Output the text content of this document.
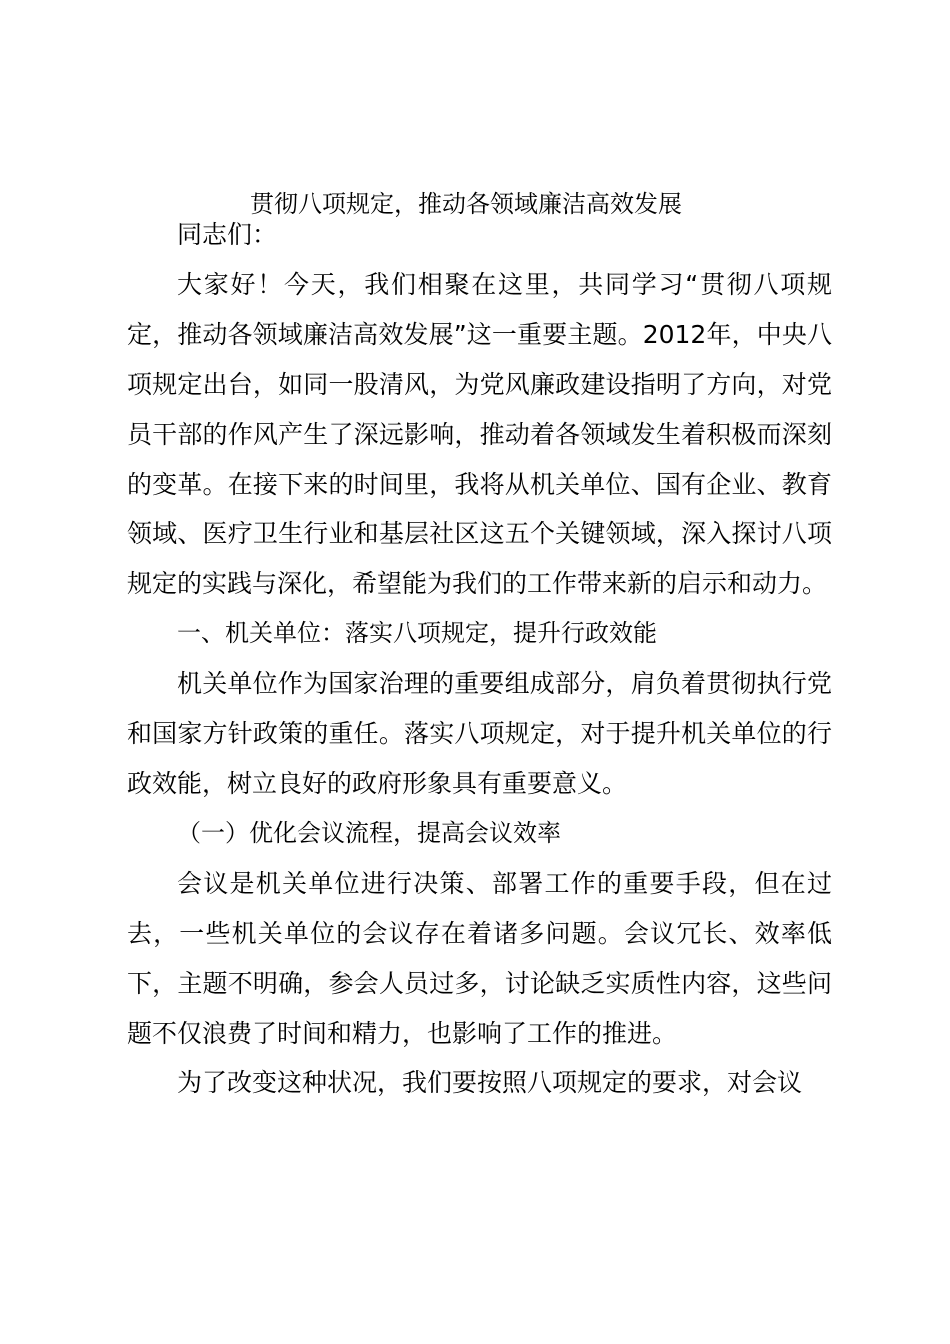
贯彻八项规定，推动各领域廉洁高效发展

同志们：

大家好！今天，我们相聚在这里，共同学习“贯彻八项规定，推动各领域廉洁高效发展”这一重要主题。2012年，中央八项规定出台，如同一股清风，为党风廉政建设指明了方向，对党员干部的作风产生了深远影响，推动着各领域发生着积极而深刻的变革。在接下来的时间里，我将从机关单位、国有企业、教育领域、医疗卫生行业和基层社区这五个关键领域，深入探讨八项规定的实践与深化，希望能为我们的工作带来新的启示和动力。

一、机关单位：落实八项规定，提升行政效能

机关单位作为国家治理的重要组成部分，肩负着贯彻执行党和国家方针政策的重任。落实八项规定，对于提升机关单位的行政效能，树立良好的政府形象具有重要意义。

（一）优化会议流程，提高会议效率

会议是机关单位进行决策、部署工作的重要手段，但在过去，一些机关单位的会议存在着诸多问题。会议冗长、效率低下，主题不明确，参会人员过多，讨论缺乏实质性内容，这些问题不仅浪费了时间和精力，也影响了工作的推进。

为了改变这种状况，我们要按照八项规定的要求，对会议
